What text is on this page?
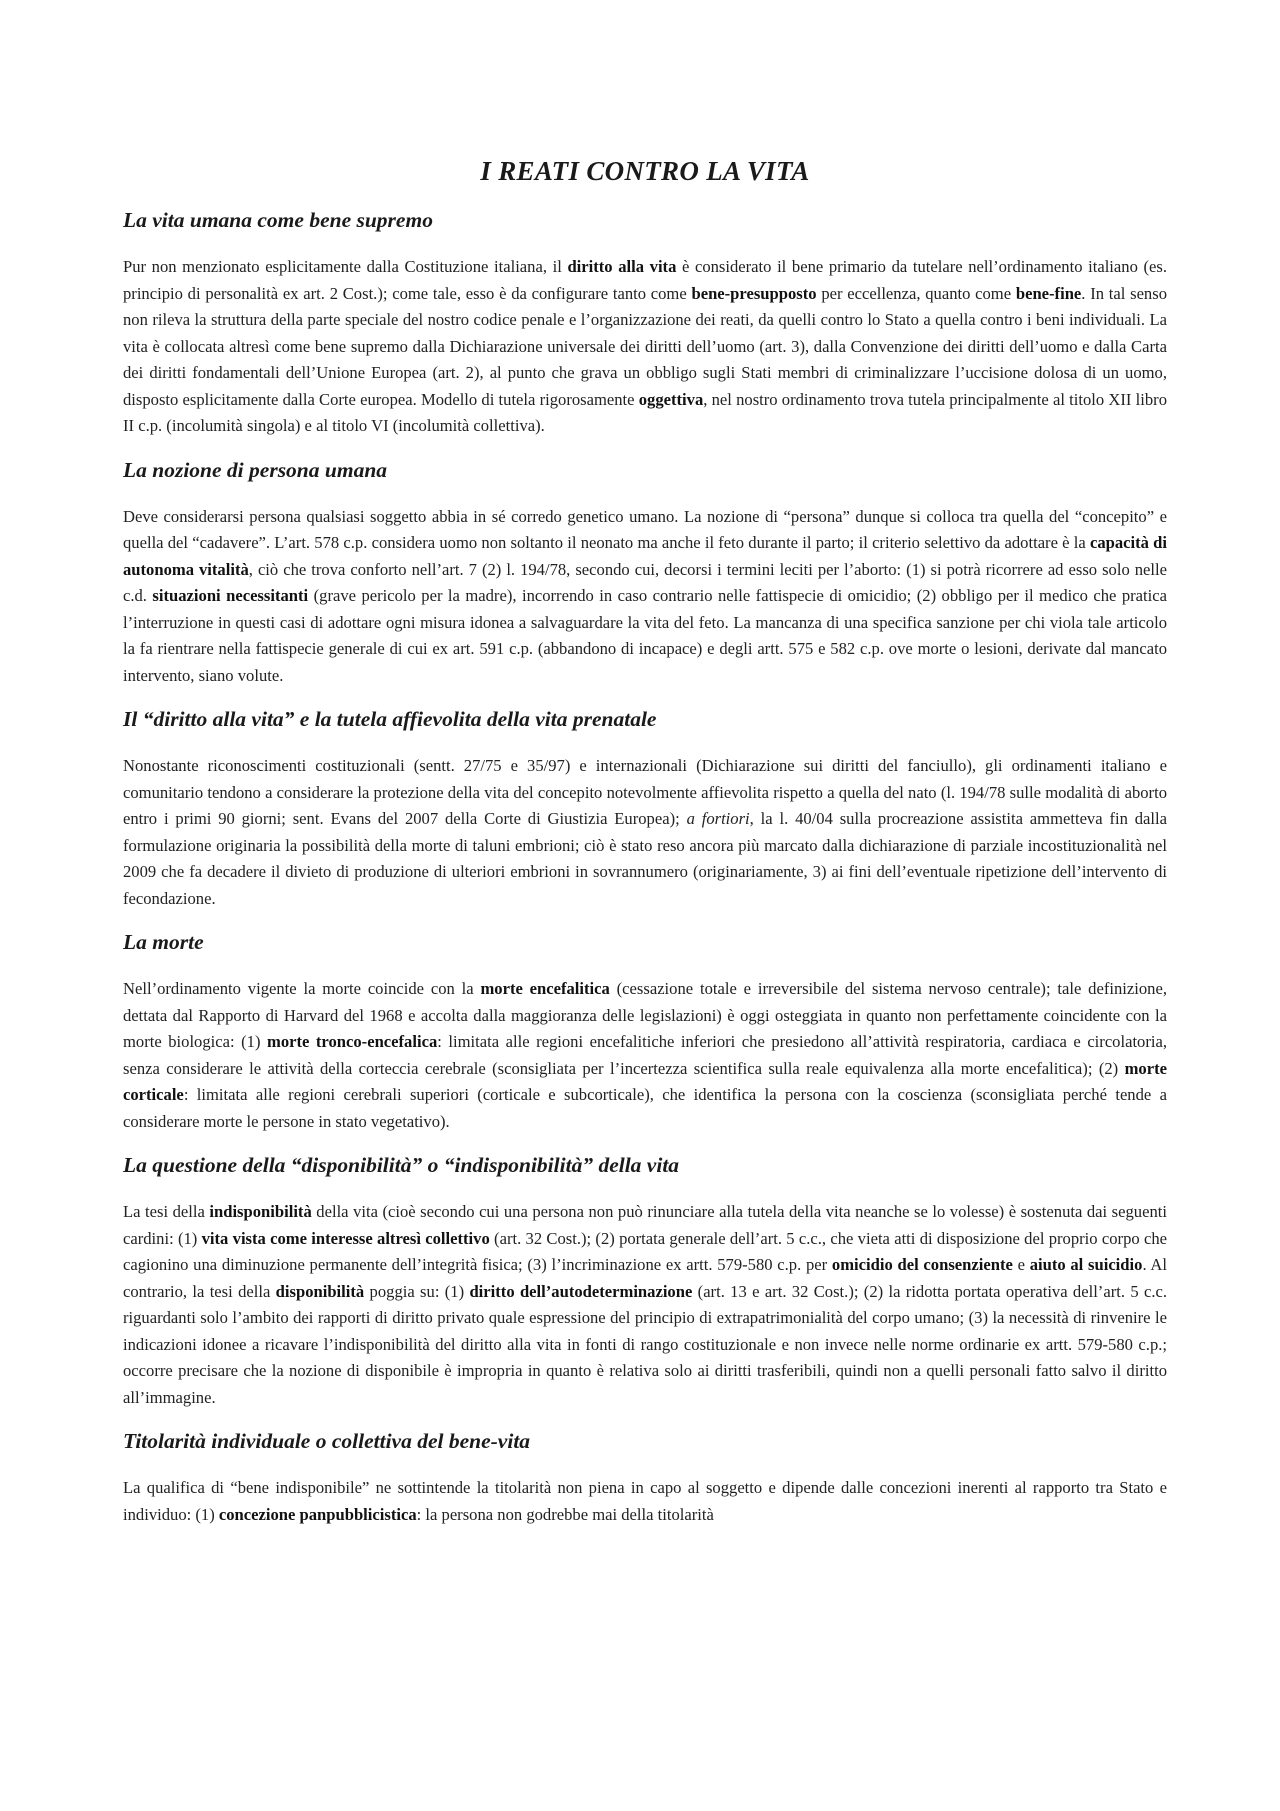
I REATI CONTRO LA VITA
La vita umana come bene supremo

Pur non menzionato esplicitamente dalla Costituzione italiana, il diritto alla vita è considerato il bene primario da tutelare nell’ordinamento italiano (es. principio di personalità ex art. 2 Cost.); come tale, esso è da configurare tanto come bene-presupposto per eccellenza, quanto come bene-fine. In tal senso non rileva la struttura della parte speciale del nostro codice penale e l’organizzazione dei reati, da quelli contro lo Stato a quella contro i beni individuali. La vita è collocata altresì come bene supremo dalla Dichiarazione universale dei diritti dell’uomo (art. 3), dalla Convenzione dei diritti dell’uomo e dalla Carta dei diritti fondamentali dell’Unione Europea (art. 2), al punto che grava un obbligo sugli Stati membri di criminalizzare l’uccisione dolosa di un uomo, disposto esplicitamente dalla Corte europea. Modello di tutela rigorosamente oggettiva, nel nostro ordinamento trova tutela principalmente al titolo XII libro II c.p. (incolumità singola) e al titolo VI (incolumità collettiva).

La nozione di persona umana

Deve considerarsi persona qualsiasi soggetto abbia in sé corredo genetico umano. La nozione di “persona” dunque si colloca tra quella del “concepito” e quella del “cadavere”. L’art. 578 c.p. considera uomo non soltanto il neonato ma anche il feto durante il parto; il criterio selettivo da adottare è la capacità di autonoma vitalità, ciò che trova conforto nell’art. 7 (2) l. 194/78, secondo cui, decorsi i termini leciti per l’aborto: (1) si potrà ricorrere ad esso solo nelle c.d. situazioni necessitanti (grave pericolo per la madre), incorrendo in caso contrario nelle fattispecie di omicidio; (2) obbligo per il medico che pratica l’interruzione in questi casi di adottare ogni misura idonea a salvaguardare la vita del feto. La mancanza di una specifica sanzione per chi viola tale articolo la fa rientrare nella fattispecie generale di cui ex art. 591 c.p. (abbandono di incapace) e degli artt. 575 e 582 c.p. ove morte o lesioni, derivate dal mancato intervento, siano volute.

Il “diritto alla vita” e la tutela affievolita della vita prenatale

Nonostante riconoscimenti costituzionali (sentt. 27/75 e 35/97) e internazionali (Dichiarazione sui diritti del fanciullo), gli ordinamenti italiano e comunitario tendono a considerare la protezione della vita del concepito notevolmente affievolita rispetto a quella del nato (l. 194/78 sulle modalità di aborto entro i primi 90 giorni; sent. Evans del 2007 della Corte di Giustizia Europea); a fortiori, la l. 40/04 sulla procreazione assistita ammetteva fin dalla formulazione originaria la possibilità della morte di taluni embrioni; ciò è stato reso ancora più marcato dalla dichiarazione di parziale incostituzionalità nel 2009 che fa decadere il divieto di produzione di ulteriori embrioni in sovrannumero (originariamente, 3) ai fini dell’eventuale ripetizione dell’intervento di fecondazione.

La morte

Nell’ordinamento vigente la morte coincide con la morte encefalitica (cessazione totale e irreversibile del sistema nervoso centrale); tale definizione, dettata dal Rapporto di Harvard del 1968 e accolta dalla maggioranza delle legislazioni) è oggi osteggiata in quanto non perfettamente coincidente con la morte biologica: (1) morte tronco-encefalica: limitata alle regioni encefalitiche inferiori che presiedono all’attività respiratoria, cardiaca e circolatoria, senza considerare le attività della corteccia cerebrale (sconsigliata per l’incertezza scientifica sulla reale equivalenza alla morte encefalitica); (2) morte corticale: limitata alle regioni cerebrali superiori (corticale e subcorticale), che identifica la persona con la coscienza (sconsigliata perché tende a considerare morte le persone in stato vegetativo).

La questione della “disponibilità” o “indisponibilità” della vita

La tesi della indisponibilità della vita (cioè secondo cui una persona non può rinunciare alla tutela della vita neanche se lo volesse) è sostenuta dai seguenti cardini: (1) vita vista come interesse altresì collettivo (art. 32 Cost.); (2) portata generale dell’art. 5 c.c., che vieta atti di disposizione del proprio corpo che cagionino una diminuzione permanente dell’integrità fisica; (3) l’incriminazione ex artt. 579-580 c.p. per omicidio del consenziente e aiuto al suicidio. Al contrario, la tesi della disponibilità poggia su: (1) diritto dell’autodeterminazione (art. 13 e art. 32 Cost.); (2) la ridotta portata operativa dell’art. 5 c.c. riguardanti solo l’ambito dei rapporti di diritto privato quale espressione del principio di extrapatrimonialità del corpo umano; (3) la necessità di rinvenire le indicazioni idonee a ricavare l’indisponibilità del diritto alla vita in fonti di rango costituzionale e non invece nelle norme ordinarie ex artt. 579-580 c.p.; occorre precisare che la nozione di disponibile è impropria in quanto è relativa solo ai diritti trasferibili, quindi non a quelli personali fatto salvo il diritto all’immagine.

Titolarità individuale o collettiva del bene-vita

La qualifica di “bene indisponibile” ne sottintende la titolarità non piena in capo al soggetto e dipende dalle concezioni inerenti al rapporto tra Stato e individuo: (1) concezione panpubblicistica: la persona non godrebbe mai della titolarità
